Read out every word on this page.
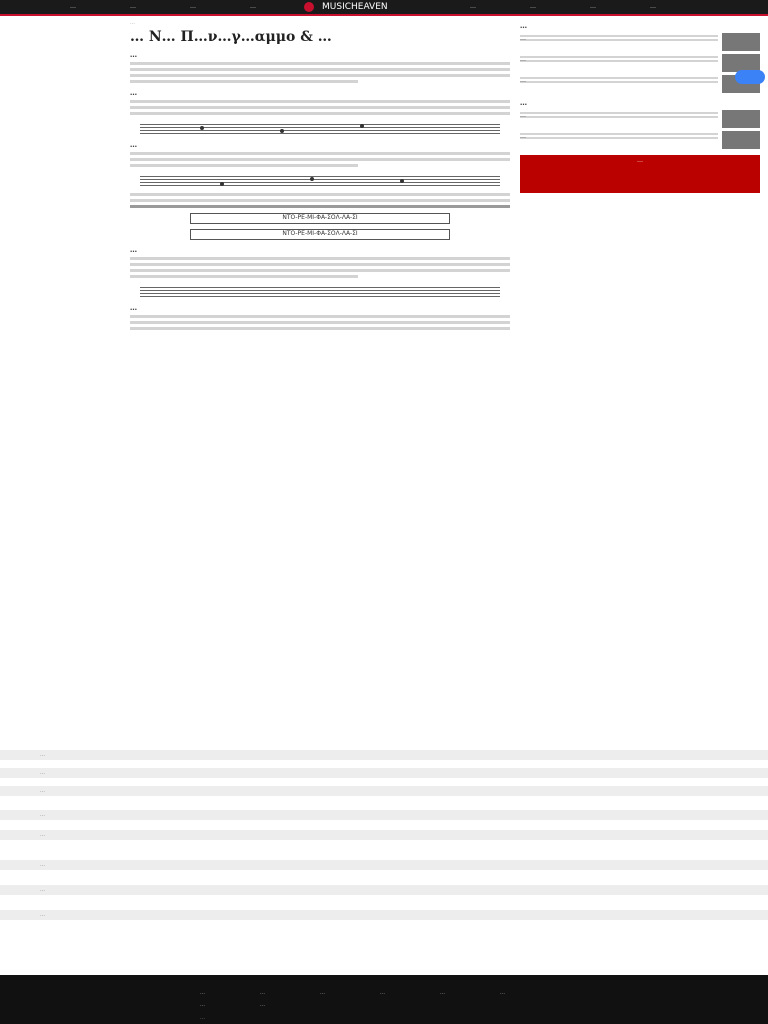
MUSICHEAVEN
…	…	…	…	…	…	…	…
…
… Ν… Π…ν…γ…αμμο & …
…
…
…
NTO-PE-MI-ΦA-ΣOΛ-ΛA-ΣI
NTO-PE-MI-ΦA-ΣOΛ-ΛA-ΣI
…
…
…
…
…
…
…
…
…
…
…
…
…
…	…	…	…	…	…
…	…
…
